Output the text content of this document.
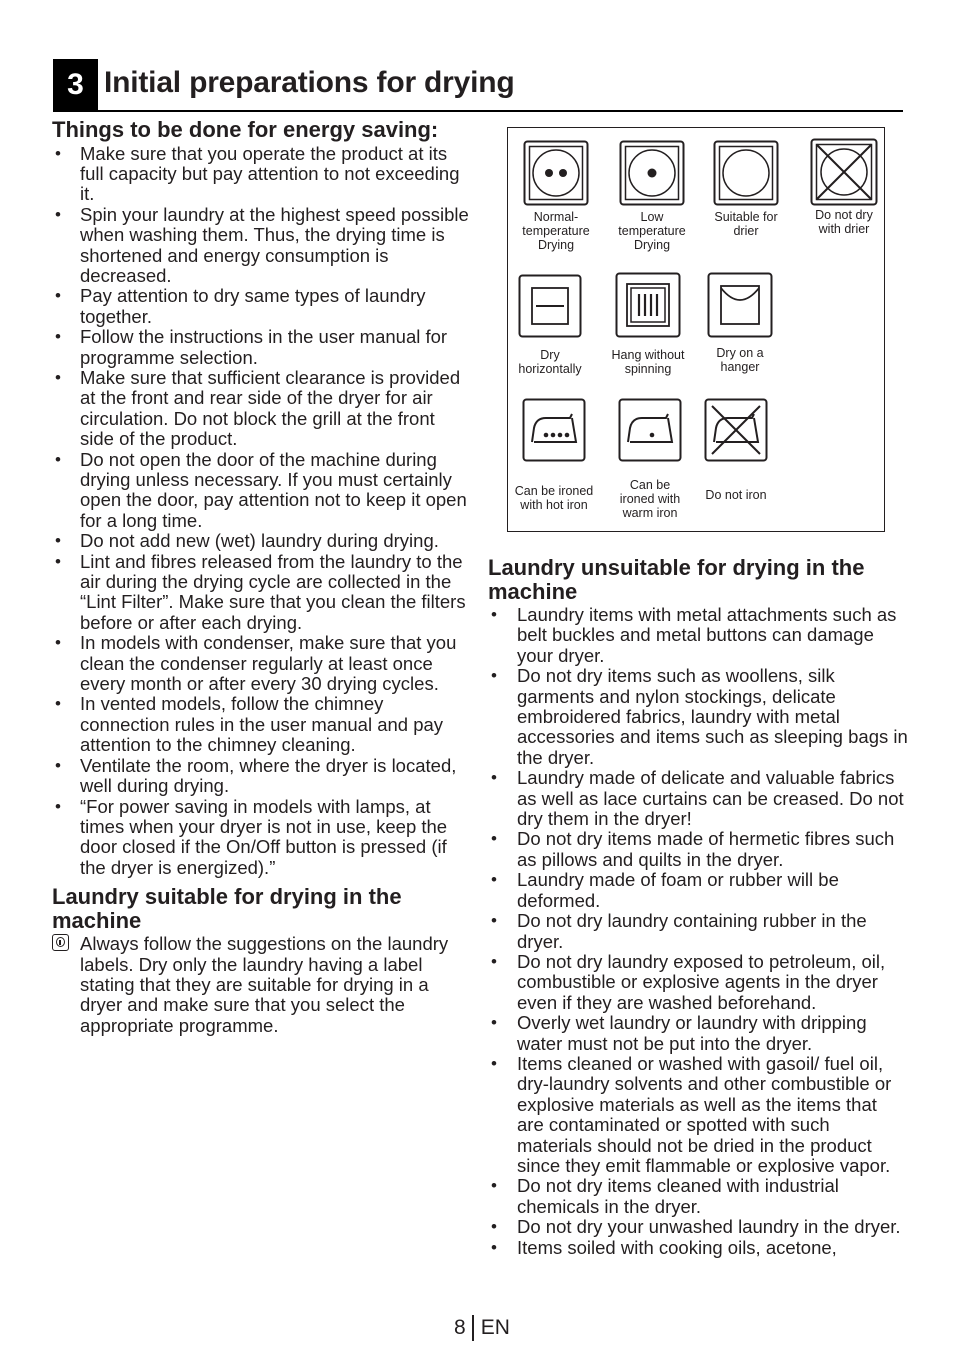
3 Initial preparations for drying
Things to be done for energy saving:
• Make sure that you operate the product at its full capacity but pay attention to not exceeding it.
• Spin your laundry at the highest speed possible when washing them. Thus, the drying time is shortened and energy consumption is decreased.
• Pay attention to dry same types of laundry together.
• Follow the instructions in the user manual for programme selection.
• Make sure that sufficient clearance is provided at the front and rear side of the dryer for air circulation. Do not block the grill at the front side of the product.
• Do not open the door of the machine during drying unless necessary. If you must certainly open the door, pay attention not to keep it open for a long time.
• Do not add new (wet) laundry during drying.
• Lint and fibres released from the laundry to the air during the drying cycle are collected in the “Lint Filter”. Make sure that you clean the filters before or after each drying.
• In models with condenser, make sure that you clean the condenser regularly at least once every month or after every 30 drying cycles.
• In vented models, follow the chimney connection rules in the user manual and pay attention to the chimney cleaning.
• Ventilate the room, where the dryer is located, well during drying.
• “For power saving in models with lamps, at times when your dryer is not in use, keep the door closed if the On/Off button is pressed (if the dryer is energized).”
Laundry suitable for drying in the machine
Always follow the suggestions on the laundry labels. Dry only the laundry having a label stating that they are suitable for drying in a dryer and make sure that you select the appropriate programme.
Normal-
temperature
Drying
Low
temperature
Drying
Suitable for
drier
Do not dry
with drier
Dry
horizontally
Hang without
spinning
Dry on a
hanger
Can be ironed
with hot iron
Can be
ironed with
warm iron
Do not iron
Laundry unsuitable for drying in the machine
• Laundry items with metal attachments such as belt buckles and metal buttons can damage your dryer.
• Do not dry items such as woollens, silk garments and nylon stockings, delicate embroidered fabrics, laundry with metal accessories and items such as sleeping bags in the dryer.
• Laundry made of delicate and valuable fabrics as well as lace curtains can be creased. Do not dry them in the dryer!
• Do not dry items made of hermetic fibres such as pillows and quilts in the dryer.
• Laundry made of foam or rubber will be deformed.
• Do not dry laundry containing rubber in the dryer.
• Do not dry laundry exposed to petroleum, oil, combustible or explosive agents in the dryer even if they are washed beforehand.
• Overly wet laundry or laundry with dripping water must not be put into the dryer.
• Items cleaned or washed with gasoil/ fuel oil, dry-laundry solvents and other combustible or explosive materials as well as the items that are contaminated or spotted with such materials should not be dried in the product since they emit flammable or explosive vapor.
• Do not dry items cleaned with industrial chemicals in the dryer.
• Do not dry your unwashed laundry in the dryer.
• Items soiled with cooking oils, acetone,
8 EN
